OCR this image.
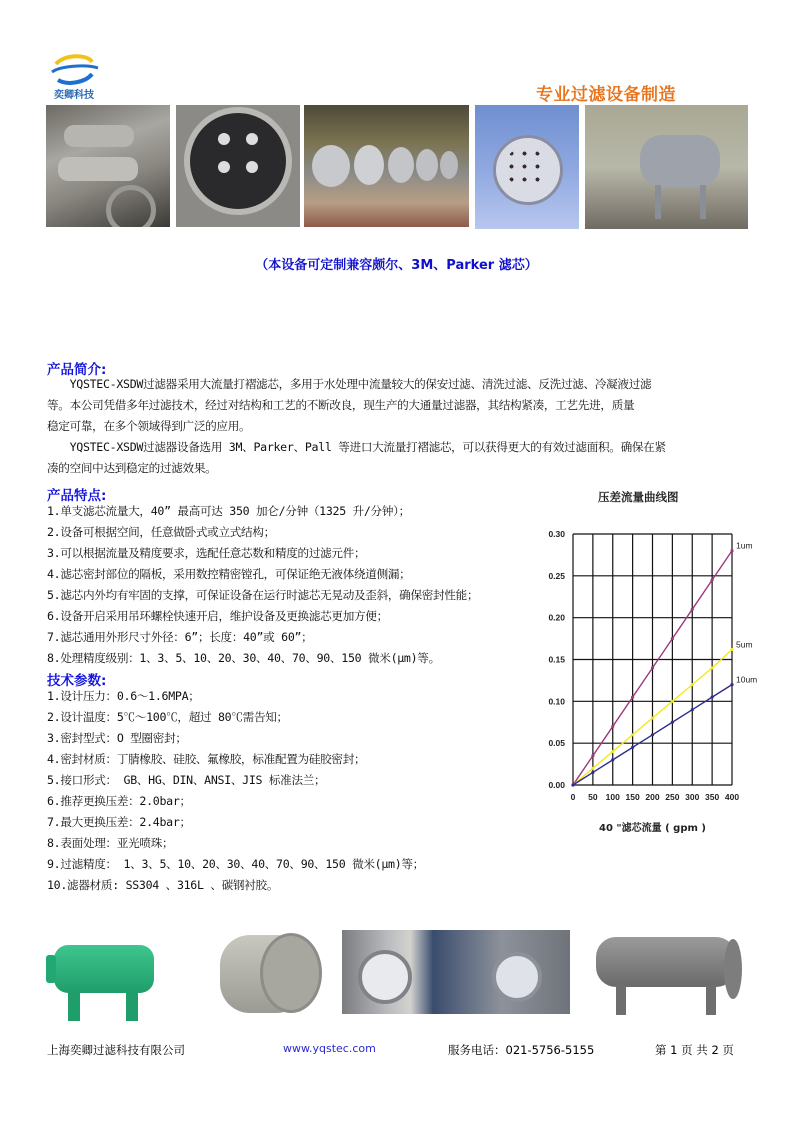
奕卿科技	专业过滤设备制造
（本设备可定制兼容颇尔、3M、Parker 滤芯）
产品简介:
　　YQSTEC-XSDW过滤器采用大流量打褶滤芯，多用于水处理中流量较大的保安过滤、清洗过滤、反洗过滤、冷凝液过滤
等。本公司凭借多年过滤技术，经过对结构和工艺的不断改良，现生产的大通量过滤器，其结构紧凑，工艺先进，质量
稳定可靠，在多个领域得到广泛的应用。
　　YQSTEC-XSDW过滤器设备选用 3M、Parker、Pall 等进口大流量打褶滤芯，可以获得更大的有效过滤面积。确保在紧
凑的空间中达到稳定的过滤效果。
产品特点:
1.单支滤芯流量大，40” 最高可达 350 加仑/分钟（1325 升/分钟）；
2.设备可根据空间，任意做卧式或立式结构；
3.可以根据流量及精度要求，选配任意芯数和精度的过滤元件；
4.滤芯密封部位的隔板，采用数控精密镗孔，可保证绝无液体绕道侧漏；
5.滤芯内外均有牢固的支撑，可保证设备在运行时滤芯无晃动及歪斜，确保密封性能；
6.设备开启采用吊环螺栓快速开启，维护设备及更换滤芯更加方便；
7.滤芯通用外形尺寸外径：6”；长度：40”或 60”；
8.处理精度级别：1、3、5、10、20、30、40、70、90、150 微米(μm)等。
技术参数:
1.设计压力：0.6～1.6MPA；
2.设计温度：5℃～100℃，超过 80℃需告知；
3.密封型式：O 型圈密封；
4.密封材质：丁腈橡胶、硅胶、氟橡胶，标准配置为硅胶密封；
5.接口形式： GB、HG、DIN、ANSI、JIS 标准法兰；
6.推荐更换压差：2.0bar；
7.最大更换压差：2.4bar；
8.表面处理：亚光喷珠；
9.过滤精度： 1、3、5、10、20、30、40、70、90、150 微米(μm)等；
10.滤器材质: SS304 、316L 、碳钢衬胶。
压差流量曲线图
0.00
0.05
0.10
0.15
0.20
0.25
0.30
0 50 100 150 200 250 300 350 400
1um
5um
10um
40 "滤芯流量 ( gpm )
上海奕卿过滤科技有限公司	www.yqstec.com	服务电话：021-5756-5155	第 1 页 共 2 页
